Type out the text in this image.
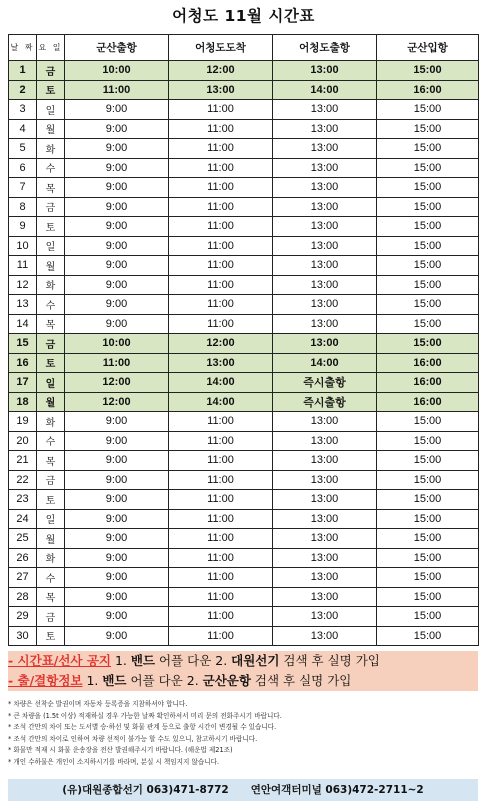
어청도 11월 시간표
날 짜	요 일	군산출항	어청도도착	어청도출항	군산입항
1	금	10:00	12:00	13:00	15:00
2	토	11:00	13:00	14:00	16:00
3	일	9:00	11:00	13:00	15:00
4	월	9:00	11:00	13:00	15:00
5	화	9:00	11:00	13:00	15:00
6	수	9:00	11:00	13:00	15:00
7	목	9:00	11:00	13:00	15:00
8	금	9:00	11:00	13:00	15:00
9	토	9:00	11:00	13:00	15:00
10	일	9:00	11:00	13:00	15:00
11	월	9:00	11:00	13:00	15:00
12	화	9:00	11:00	13:00	15:00
13	수	9:00	11:00	13:00	15:00
14	목	9:00	11:00	13:00	15:00
15	금	10:00	12:00	13:00	15:00
16	토	11:00	13:00	14:00	16:00
17	일	12:00	14:00	즉시출항	16:00
18	월	12:00	14:00	즉시출항	16:00
19	화	9:00	11:00	13:00	15:00
20	수	9:00	11:00	13:00	15:00
21	목	9:00	11:00	13:00	15:00
22	금	9:00	11:00	13:00	15:00
23	토	9:00	11:00	13:00	15:00
24	일	9:00	11:00	13:00	15:00
25	월	9:00	11:00	13:00	15:00
26	화	9:00	11:00	13:00	15:00
27	수	9:00	11:00	13:00	15:00
28	목	9:00	11:00	13:00	15:00
29	금	9:00	11:00	13:00	15:00
30	토	9:00	11:00	13:00	15:00
- 시간표/선사 공지 1. 밴드 어플 다운 2. 대원선기 검색 후 실명 가입
- 출/결항정보 1. 밴드 어플 다운 2. 군산운항 검색 후 실명 가입
* 차량은 선착순 발권이며 자동차 등록증을 지참하셔야 합니다.
* 큰 차량을 (1.5t 이상) 적재하실 경우 가능한 날짜 확인하셔서 미리 문의 전화주시기 바랍니다.
* 조석 간만의 차이 또는 도서별 승·하선 및 화물 관계 등으로 출항 시간이 변경될 수 있습니다.
* 조석 간만의 차이로 인하여 차량 선적이 불가능 할 수도 있으니, 참고하시기 바랍니다.
* 화물만 적재 시 화물 운송장을 전산 발권해주시기 바랍니다. (해운법 제21조)
* 개인 수하물은 개인이 소지하시기를 바라며, 분실 시 책임지지 않습니다.
(유)대원종합선기 063)471-8772 연안여객터미널 063)472-2711~2
